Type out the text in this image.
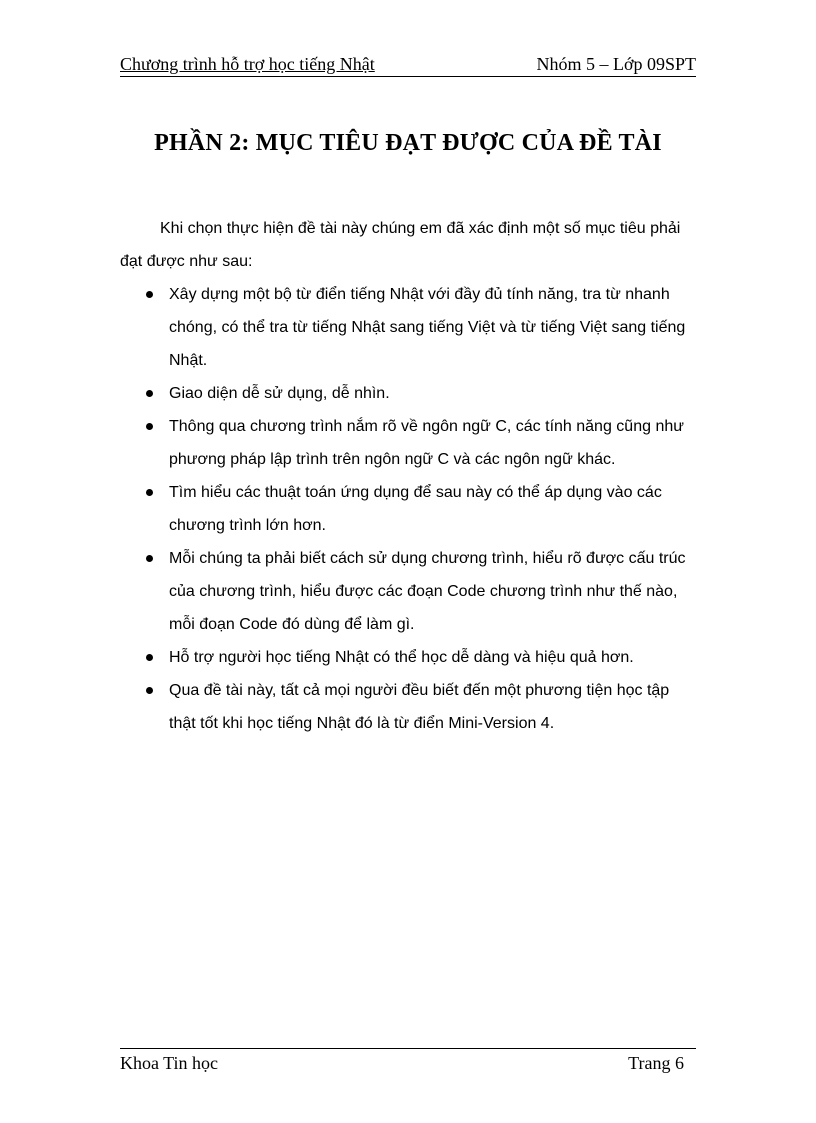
Chương trình hỗ trợ học tiếng Nhật	Nhóm 5 – Lớp 09SPT
PHẦN 2: MỤC TIÊU ĐẠT ĐƯỢC CỦA ĐỀ TÀI

Khi chọn thực hiện đề tài này chúng em đã xác định một số mục tiêu phải đạt được như sau:

Xây dựng một bộ từ điển tiếng Nhật với đầy đủ tính năng, tra từ nhanh chóng, có thể tra từ tiếng Nhật sang tiếng Việt và từ tiếng Việt sang tiếng Nhật.
Giao diện dễ sử dụng, dễ nhìn.
Thông qua chương trình nắm rõ về ngôn ngữ C, các tính năng cũng như phương pháp lập trình trên ngôn ngữ C và các ngôn ngữ khác.
Tìm hiểu các thuật toán ứng dụng để sau này có thể áp dụng vào các chương trình lớn hơn.
Mỗi chúng ta phải biết cách sử dụng chương trình, hiểu rõ được cấu trúc của chương trình, hiểu được các đoạn Code chương trình như thế nào, mỗi đoạn Code đó dùng để làm gì.
Hỗ trợ người học tiếng Nhật có thể học dễ dàng và hiệu quả hơn.
Qua đề tài này, tất cả mọi người đều biết đến một phương tiện học tập thật tốt khi học tiếng Nhật đó là từ điển Mini-Version 4.
Khoa Tin học	Trang 6
